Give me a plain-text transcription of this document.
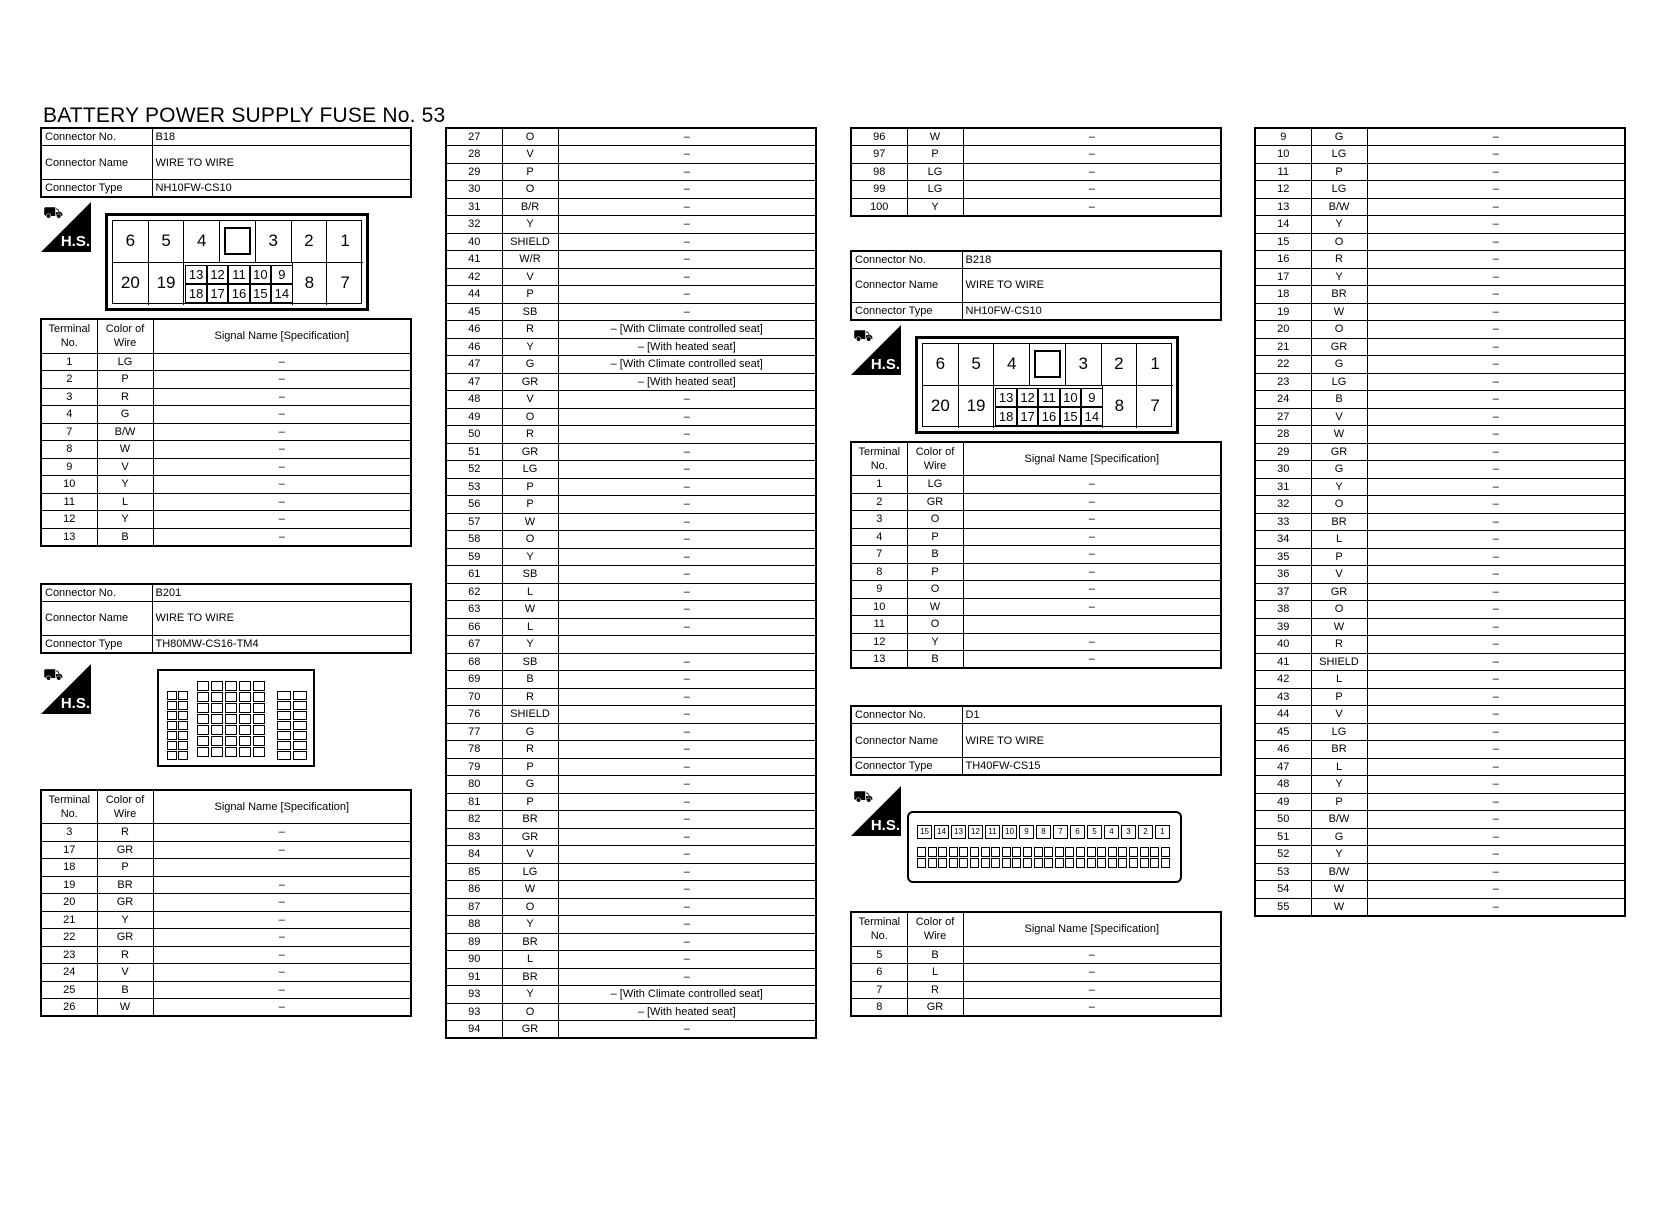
BATTERY POWER SUPPLY FUSE No. 53
Connector No.	B18
Connector Name	WIRE TO WIRE
Connector Type	NH10FW-CS10
⛟
H.S.	6	5	4	3	2	1
20 19	13 12 11 10 9
18 17 16 15 14
8	7
Terminal No.	Color of Wire	Signal Name [Specification]
1	LG	–
2	P	–
3	R	–
4	G	–
7	B/W	–
8	W	–
9	V	–
10	Y	–
11	L	–
12	Y	–
13	B	–
Connector No.	B201
Connector Name	WIRE TO WIRE
Connector Type	TH80MW-CS16-TM4
⛟
H.S.
Terminal No.	Color of Wire	Signal Name [Specification]
3	R	–
17	GR	–
18	P	
19	BR	–
20	GR	–
21	Y	–
22	GR	–
23	R	–
24	V	–
25	B	–
26	W	–
27	O	–
28	V	–
29	P	–
30	O	–
31	B/R	–
32	Y	–
40	SHIELD	–
41	W/R	–
42	V	–
44	P	–
45	SB	–
46	R	– [With Climate controlled seat]
46	Y	– [With heated seat]
47	G	– [With Climate controlled seat]
47	GR	– [With heated seat]
48	V	–
49	O	–
50	R	–
51	GR	–
52	LG	–
53	P	–
56	P	–
57	W	–
58	O	–
59	Y	–
61	SB	–
62	L	–
63	W	–
66	L	–
67	Y	
68	SB	–
69	B	–
70	R	–
76	SHIELD	–
77	G	–
78	R	–
79	P	–
80	G	–
81	P	–
82	BR	–
83	GR	–
84	V	–
85	LG	–
86	W	–
87	O	–
88	Y	–
89	BR	–
90	L	–
91	BR	–
93	Y	– [With Climate controlled seat]
93	O	– [With heated seat]
94	GR	–
96	W	–
97	P	–
98	LG	–
99	LG	–
100	Y	–
Connector No.	B218
Connector Name	WIRE TO WIRE
Connector Type	NH10FW-CS10
⛟
H.S.	6	5	4	3	2	1
20 19	13 12 11 10 9
18 17 16 15 14
8	7
Terminal No.	Color of Wire	Signal Name [Specification]
1	LG	–
2	GR	–
3	O	–
4	P	–
7	B	–
8	P	–
9	O	–
10	W	–
11	O	
12	Y	–
13	B	–
Connector No.	D1
Connector Name	WIRE TO WIRE
Connector Type	TH40FW-CS15
⛟
H.S.	15	14	13	12	11	10	9	8	7	6	5	4	3	2	1
Terminal No.	Color of Wire	Signal Name [Specification]
5	B	–
6	L	–
7	R	–
8	GR	–
9	G	–
10	LG	–
11	P	–
12	LG	–
13	B/W	–
14	Y	–
15	O	–
16	R	–
17	Y	–
18	BR	–
19	W	–
20	O	–
21	GR	–
22	G	–
23	LG	–
24	B	–
27	V	–
28	W	–
29	GR	–
30	G	–
31	Y	–
32	O	–
33	BR	–
34	L	–
35	P	–
36	V	–
37	GR	–
38	O	–
39	W	–
40	R	–
41	SHIELD	–
42	L	–
43	P	–
44	V	–
45	LG	–
46	BR	–
47	L	–
48	Y	–
49	P	–
50	B/W	–
51	G	–
52	Y	–
53	B/W	–
54	W	–
55	W	–
